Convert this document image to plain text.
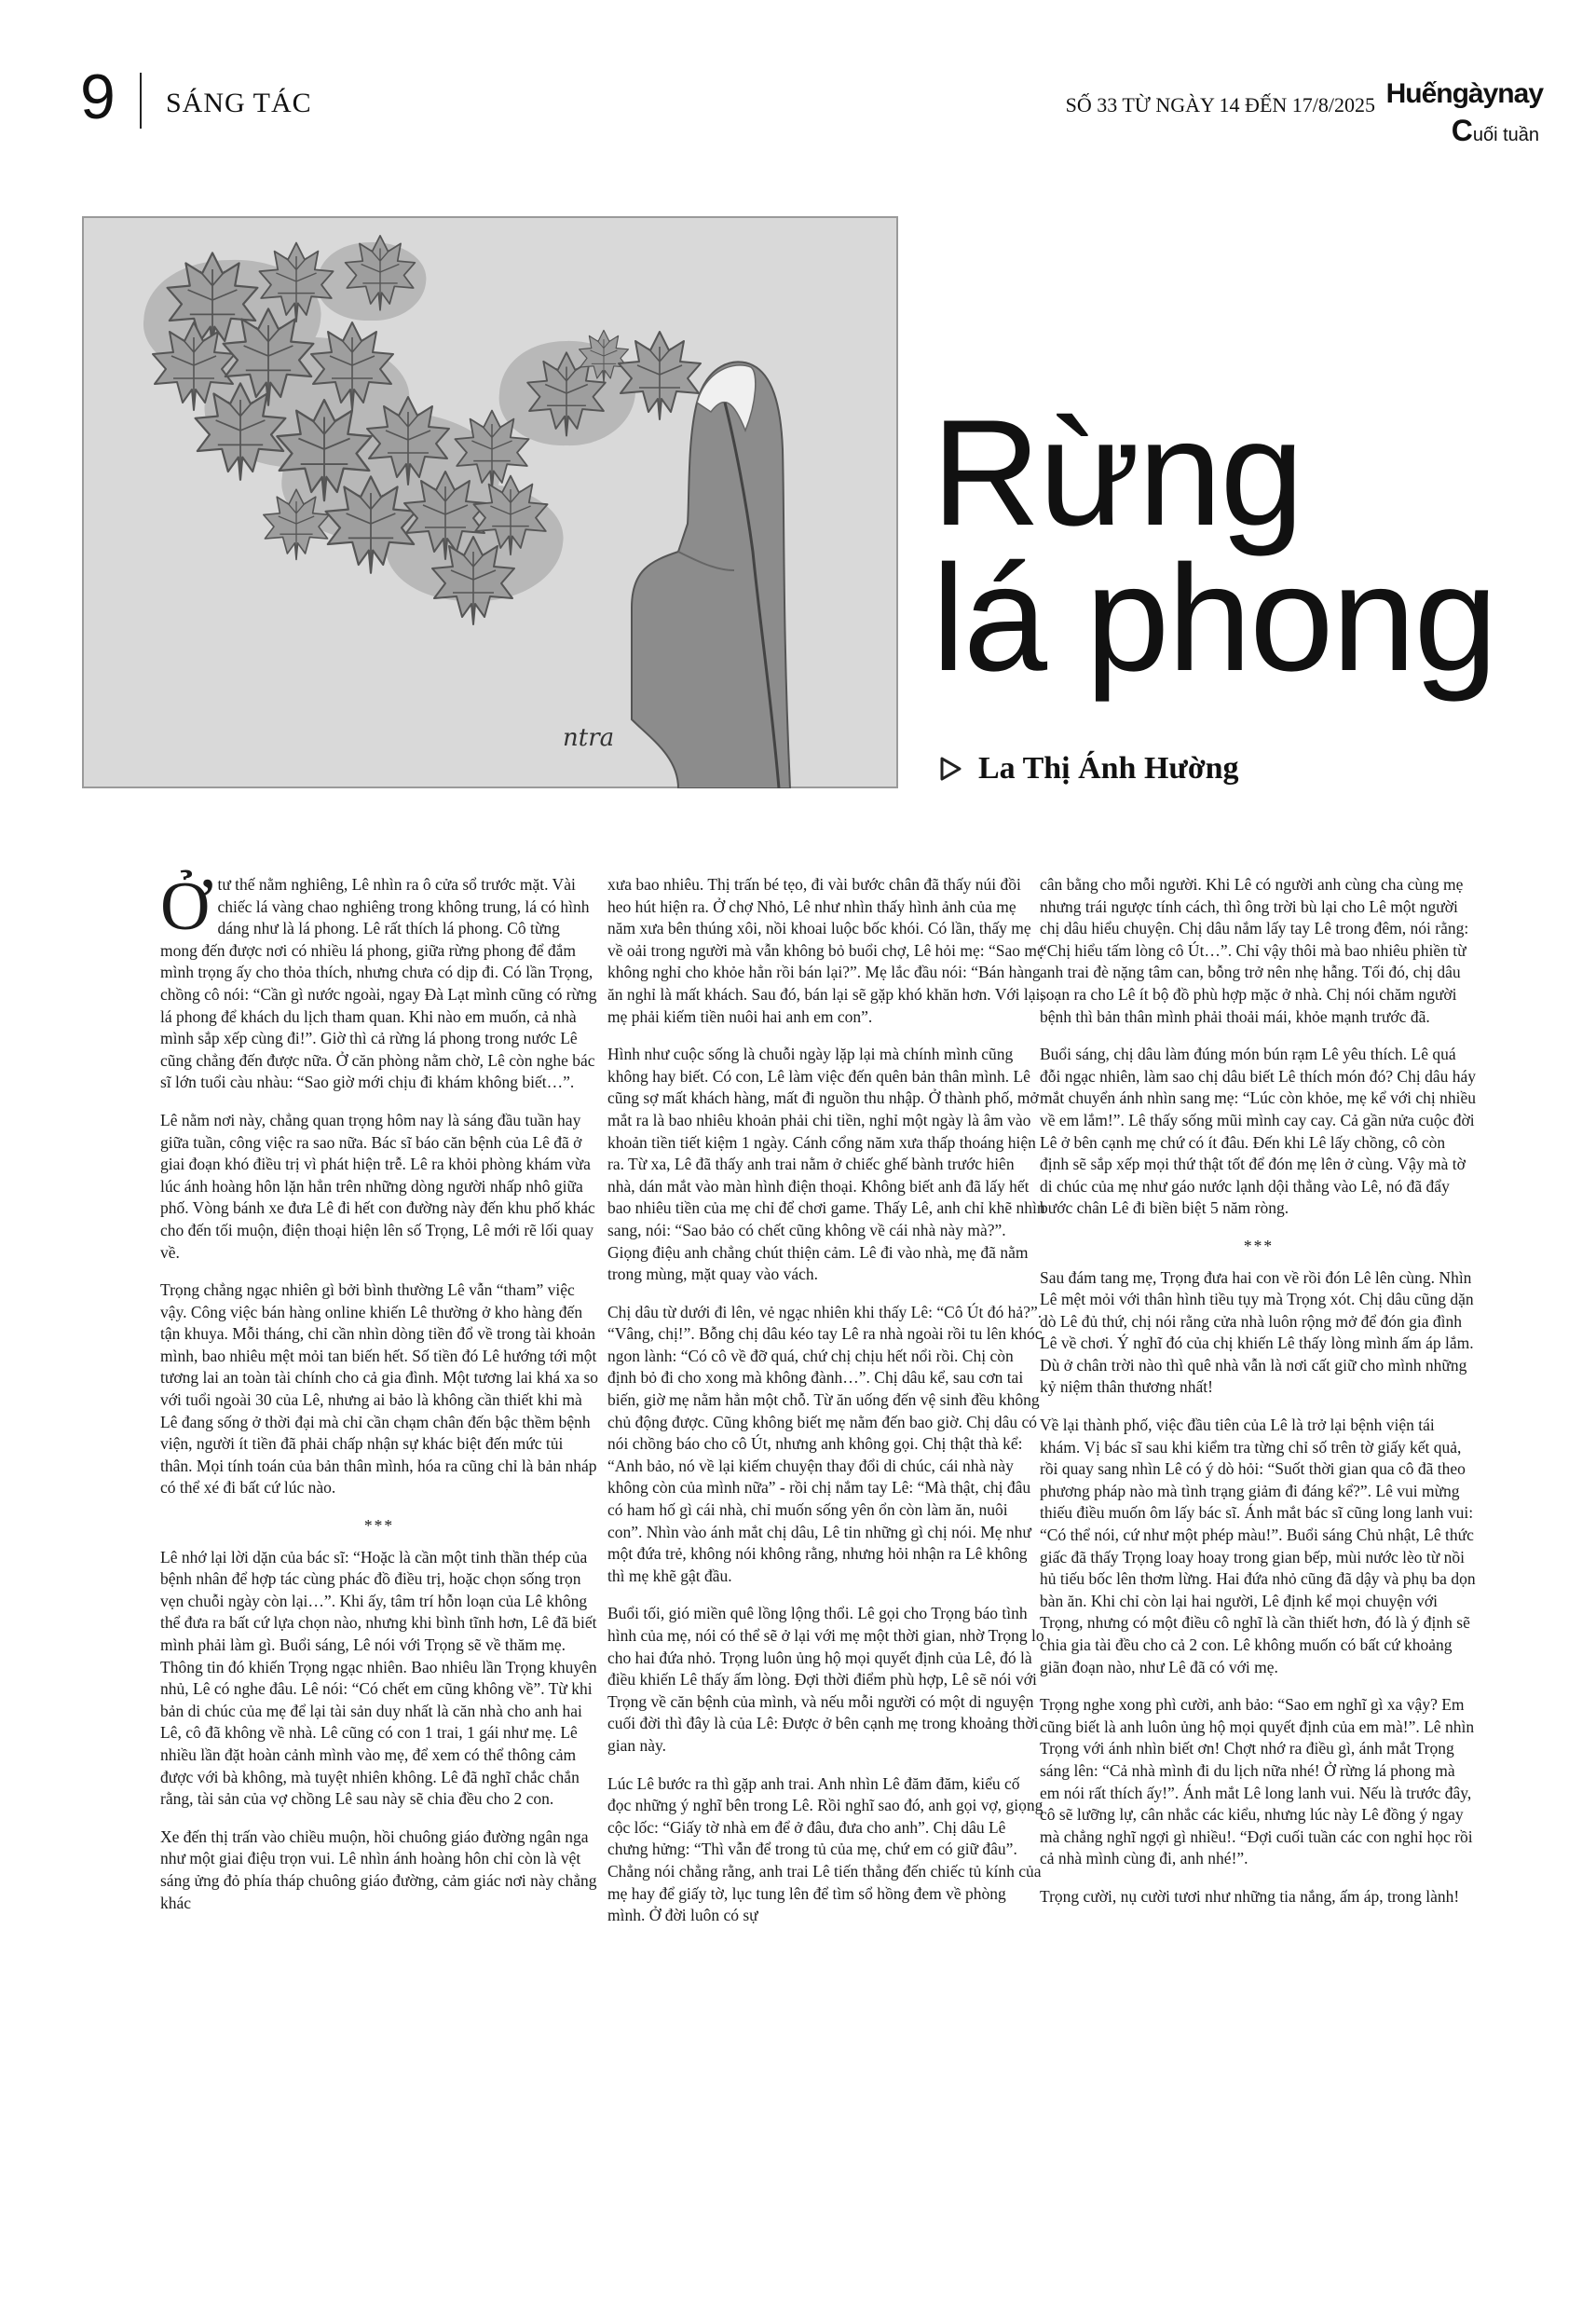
9 SÁNG TÁC	SỐ 33 TỪ NGÀY 14 ĐẾN 17/8/2025 Huếngàynay
Cuối tuần
ntra
Rừng
lá phong
La Thị Ánh Hường

Ởtư thế nằm nghiêng, Lê nhìn ra ô cửa sổ trước mặt. Vài chiếc lá vàng chao nghiêng trong không trung, lá có hình dáng như là lá phong. Lê rất thích lá phong. Cô từng mong đến được nơi có nhiều lá phong, giữa rừng phong để đắm mình trọng ấy cho thỏa thích, nhưng chưa có dịp đi. Có lần Trọng, chồng cô nói: “Cần gì nước ngoài, ngay Đà Lạt mình cũng có rừng lá phong để khách du lịch tham quan. Khi nào em muốn, cả nhà mình sắp xếp cùng đi!”. Giờ thì cả rừng lá phong trong nước Lê cũng chẳng đến được nữa. Ở căn phòng nằm chờ, Lê còn nghe bác sĩ lớn tuổi càu nhàu: “Sao giờ mới chịu đi khám không biết…”.

Lê nằm nơi này, chẳng quan trọng hôm nay là sáng đầu tuần hay giữa tuần, công việc ra sao nữa. Bác sĩ báo căn bệnh của Lê đã ở giai đoạn khó điều trị vì phát hiện trễ. Lê ra khỏi phòng khám vừa lúc ánh hoàng hôn lặn hẳn trên những dòng người nhấp nhô giữa phố. Vòng bánh xe đưa Lê đi hết con đường này đến khu phố khác cho đến tối muộn, điện thoại hiện lên số Trọng, Lê mới rẽ lối quay về.

Trọng chẳng ngạc nhiên gì bởi bình thường Lê vẫn “tham” việc vậy. Công việc bán hàng online khiến Lê thường ở kho hàng đến tận khuya. Mỗi tháng, chỉ cần nhìn dòng tiền đổ về trong tài khoản mình, bao nhiêu mệt mỏi tan biến hết. Số tiền đó Lê hướng tới một tương lai an toàn tài chính cho cả gia đình. Một tương lai khá xa so với tuổi ngoài 30 của Lê, nhưng ai bảo là không cần thiết khi mà Lê đang sống ở thời đại mà chỉ cần chạm chân đến bậc thềm bệnh viện, người ít tiền đã phải chấp nhận sự khác biệt đến mức tủi thân. Mọi tính toán của bản thân mình, hóa ra cũng chỉ là bản nháp có thể xé đi bất cứ lúc nào.

***

Lê nhớ lại lời dặn của bác sĩ: “Hoặc là cần một tinh thần thép của bệnh nhân để hợp tác cùng phác đồ điều trị, hoặc chọn sống trọn vẹn chuỗi ngày còn lại…”. Khi ấy, tâm trí hỗn loạn của Lê không thể đưa ra bất cứ lựa chọn nào, nhưng khi bình tĩnh hơn, Lê đã biết mình phải làm gì. Buổi sáng, Lê nói với Trọng sẽ về thăm mẹ. Thông tin đó khiến Trọng ngạc nhiên. Bao nhiêu lần Trọng khuyên nhủ, Lê có nghe đâu. Lê nói: “Có chết em cũng không về”. Từ khi bản di chúc của mẹ để lại tài sản duy nhất là căn nhà cho anh hai Lê, cô đã không về nhà. Lê cũng có con 1 trai, 1 gái như mẹ. Lê nhiều lần đặt hoàn cảnh mình vào mẹ, để xem có thể thông cảm được với bà không, mà tuyệt nhiên không. Lê đã nghĩ chắc chắn rằng, tài sản của vợ chồng Lê sau này sẽ chia đều cho 2 con.

Xe đến thị trấn vào chiều muộn, hồi chuông giáo đường ngân nga như một giai điệu trọn vui. Lê nhìn ánh hoàng hôn chỉ còn là vệt sáng ửng đỏ phía tháp chuông giáo đường, cảm giác nơi này chẳng khác

xưa bao nhiêu. Thị trấn bé tẹo, đi vài bước chân đã thấy núi đồi heo hút hiện ra. Ở chợ Nhỏ, Lê như nhìn thấy hình ảnh của mẹ năm xưa bên thúng xôi, nồi khoai luộc bốc khói. Có lần, thấy mẹ về oải trong người mà vẫn không bỏ buổi chợ, Lê hỏi mẹ: “Sao mẹ không nghỉ cho khỏe hẳn rồi bán lại?”. Mẹ lắc đầu nói: “Bán hàng ăn nghỉ là mất khách. Sau đó, bán lại sẽ gặp khó khăn hơn. Với lại, mẹ phải kiếm tiền nuôi hai anh em con”.

Hình như cuộc sống là chuỗi ngày lặp lại mà chính mình cũng không hay biết. Có con, Lê làm việc đến quên bản thân mình. Lê cũng sợ mất khách hàng, mất đi nguồn thu nhập. Ở thành phố, mở mắt ra là bao nhiêu khoản phải chi tiền, nghỉ một ngày là âm vào khoản tiền tiết kiệm 1 ngày. Cánh cổng năm xưa thấp thoáng hiện ra. Từ xa, Lê đã thấy anh trai nằm ở chiếc ghế bành trước hiên nhà, dán mắt vào màn hình điện thoại. Không biết anh đã lấy hết bao nhiêu tiền của mẹ chỉ để chơi game. Thấy Lê, anh chỉ khẽ nhìn sang, nói: “Sao bảo có chết cũng không về cái nhà này mà?”. Giọng điệu anh chẳng chút thiện cảm. Lê đi vào nhà, mẹ đã nằm trong mùng, mặt quay vào vách.

Chị dâu từ dưới đi lên, vẻ ngạc nhiên khi thấy Lê: “Cô Út đó hả?”. “Vâng, chị!”. Bỗng chị dâu kéo tay Lê ra nhà ngoài rồi tu lên khóc ngon lành: “Có cô về đỡ quá, chứ chị chịu hết nổi rồi. Chị còn định bỏ đi cho xong mà không đành…”. Chị dâu kể, sau cơn tai biến, giờ mẹ nằm hẳn một chỗ. Từ ăn uống đến vệ sinh đều không chủ động được. Cũng không biết mẹ nằm đến bao giờ. Chị dâu có nói chồng báo cho cô Út, nhưng anh không gọi. Chị thật thà kể: “Anh bảo, nó về lại kiếm chuyện thay đổi di chúc, cái nhà này không còn của mình nữa” - rồi chị nắm tay Lê: “Mà thật, chị đâu có ham hố gì cái nhà, chỉ muốn sống yên ổn còn làm ăn, nuôi con”. Nhìn vào ánh mắt chị dâu, Lê tin những gì chị nói. Mẹ như một đứa trẻ, không nói không rằng, nhưng hỏi nhận ra Lê không thì mẹ khẽ gật đầu.

Buổi tối, gió miền quê lồng lộng thổi. Lê gọi cho Trọng báo tình hình của mẹ, nói có thể sẽ ở lại với mẹ một thời gian, nhờ Trọng lo cho hai đứa nhỏ. Trọng luôn ủng hộ mọi quyết định của Lê, đó là điều khiến Lê thấy ấm lòng. Đợi thời điểm phù hợp, Lê sẽ nói với Trọng về căn bệnh của mình, và nếu mỗi người có một di nguyện cuối đời thì đây là của Lê: Được ở bên cạnh mẹ trong khoảng thời gian này.

Lúc Lê bước ra thì gặp anh trai. Anh nhìn Lê đăm đăm, kiểu cố đọc những ý nghĩ bên trong Lê. Rồi nghĩ sao đó, anh gọi vợ, giọng cộc lốc: “Giấy tờ nhà em để ở đâu, đưa cho anh”. Chị dâu Lê chưng hửng: “Thì vẫn để trong tủ của mẹ, chứ em có giữ đâu”. Chẳng nói chẳng rằng, anh trai Lê tiến thẳng đến chiếc tủ kính của mẹ hay để giấy tờ, lục tung lên để tìm sổ hồng đem về phòng mình. Ở đời luôn có sự

cân bằng cho mỗi người. Khi Lê có người anh cùng cha cùng mẹ nhưng trái ngược tính cách, thì ông trời bù lại cho Lê một người chị dâu hiểu chuyện. Chị dâu nắm lấy tay Lê trong đêm, nói rằng: “Chị hiểu tấm lòng cô Út…”. Chỉ vậy thôi mà bao nhiêu phiền từ anh trai đè nặng tâm can, bỗng trở nên nhẹ hẫng. Tối đó, chị dâu soạn ra cho Lê ít bộ đồ phù hợp mặc ở nhà. Chị nói chăm người bệnh thì bản thân mình phải thoải mái, khỏe mạnh trước đã.

Buổi sáng, chị dâu làm đúng món bún rạm Lê yêu thích. Lê quá đỗi ngạc nhiên, làm sao chị dâu biết Lê thích món đó? Chị dâu háy mắt chuyển ánh nhìn sang mẹ: “Lúc còn khỏe, mẹ kể với chị nhiều về em lắm!”. Lê thấy sống mũi mình cay cay. Cả gần nửa cuộc đời Lê ở bên cạnh mẹ chứ có ít đâu. Đến khi Lê lấy chồng, cô còn định sẽ sắp xếp mọi thứ thật tốt để đón mẹ lên ở cùng. Vậy mà tờ di chúc của mẹ như gáo nước lạnh dội thẳng vào Lê, nó đã đẩy bước chân Lê đi biền biệt 5 năm ròng.

***

Sau đám tang mẹ, Trọng đưa hai con về rồi đón Lê lên cùng. Nhìn Lê mệt mỏi với thân hình tiều tụy mà Trọng xót. Chị dâu cũng dặn dò Lê đủ thứ, chị nói rằng cửa nhà luôn rộng mở để đón gia đình Lê về chơi. Ý nghĩ đó của chị khiến Lê thấy lòng mình ấm áp lắm. Dù ở chân trời nào thì quê nhà vẫn là nơi cất giữ cho mình những kỷ niệm thân thương nhất!

Về lại thành phố, việc đầu tiên của Lê là trở lại bệnh viện tái khám. Vị bác sĩ sau khi kiểm tra từng chỉ số trên tờ giấy kết quả, rồi quay sang nhìn Lê có ý dò hỏi: “Suốt thời gian qua cô đã theo phương pháp nào mà tình trạng giảm đi đáng kể?”. Lê vui mừng thiếu điều muốn ôm lấy bác sĩ. Ánh mắt bác sĩ cũng long lanh vui: “Có thể nói, cứ như một phép màu!”. Buổi sáng Chủ nhật, Lê thức giấc đã thấy Trọng loay hoay trong gian bếp, mùi nước lèo từ nồi hủ tiếu bốc lên thơm lừng. Hai đứa nhỏ cũng đã dậy và phụ ba dọn bàn ăn. Khi chỉ còn lại hai người, Lê định kể mọi chuyện với Trọng, nhưng có một điều cô nghĩ là cần thiết hơn, đó là ý định sẽ chia gia tài đều cho cả 2 con. Lê không muốn có bất cứ khoảng giãn đoạn nào, như Lê đã có với mẹ.

Trọng nghe xong phì cười, anh bảo: “Sao em nghĩ gì xa vậy? Em cũng biết là anh luôn ủng hộ mọi quyết định của em mà!”. Lê nhìn Trọng với ánh nhìn biết ơn! Chợt nhớ ra điều gì, ánh mắt Trọng sáng lên: “Cả nhà mình đi du lịch nữa nhé! Ở rừng lá phong mà em nói rất thích ấy!”. Ánh mắt Lê long lanh vui. Nếu là trước đây, cô sẽ lưỡng lự, cân nhắc các kiểu, nhưng lúc này Lê đồng ý ngay mà chẳng nghĩ ngợi gì nhiều!. “Đợi cuối tuần các con nghỉ học rồi cả nhà mình cùng đi, anh nhé!”.

Trọng cười, nụ cười tươi như những tia nắng, ấm áp, trong lành!
